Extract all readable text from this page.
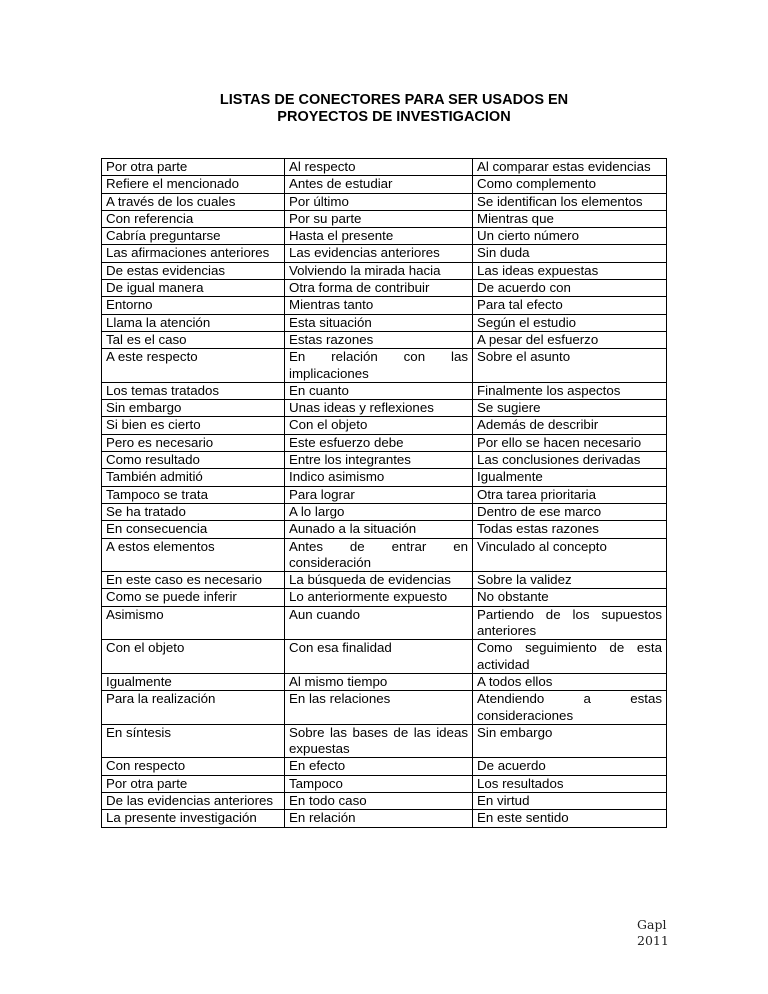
LISTAS DE CONECTORES PARA SER USADOS EN
PROYECTOS DE INVESTIGACION
Por otra parte	Al respecto	Al comparar estas evidencias
Refiere el mencionado	Antes de estudiar	Como complemento
A través de los cuales	Por último	Se identifican los elementos
Con referencia	Por su parte	Mientras que
Cabría preguntarse	Hasta el presente	Un cierto número
Las afirmaciones anteriores	Las evidencias anteriores	Sin duda
De estas evidencias	Volviendo la mirada hacia	Las ideas expuestas
De igual manera	Otra forma de contribuir	De acuerdo con
Entorno	Mientras tanto	Para tal efecto
Llama la atención	Esta situación	Según el estudio
Tal es el caso	Estas razones	A pesar del esfuerzo
A este respecto	En relación con las implicaciones	Sobre el asunto
Los temas tratados	En cuanto	Finalmente los aspectos
Sin embargo	Unas ideas y reflexiones	Se sugiere
Si bien es cierto	Con el objeto	Además de describir
Pero es necesario	Este esfuerzo debe	Por ello se hacen necesario
Como resultado	Entre los integrantes	Las conclusiones derivadas
También admitió	Indico asimismo	Igualmente
Tampoco se trata	Para lograr	Otra tarea prioritaria
Se ha tratado	A lo largo	Dentro de ese marco
En consecuencia	Aunado a la situación	Todas estas razones
A estos elementos	Antes de entrar en consideración	Vinculado al concepto
En este caso es necesario	La búsqueda de evidencias	Sobre la validez
Como se puede inferir	Lo anteriormente expuesto	No obstante
Asimismo	Aun cuando	Partiendo de los supuestos anteriores
Con el objeto	Con esa finalidad	Como seguimiento de esta actividad
Igualmente	Al mismo tiempo	A todos ellos
Para la realización	En las relaciones	Atendiendo a estas consideraciones
En síntesis	Sobre las bases de las ideas expuestas	Sin embargo
Con respecto	En efecto	De acuerdo
Por otra parte	Tampoco	Los resultados
De las evidencias anteriores	En todo caso	En virtud
La presente investigación	En relación	En este sentido
Gapl
2011
